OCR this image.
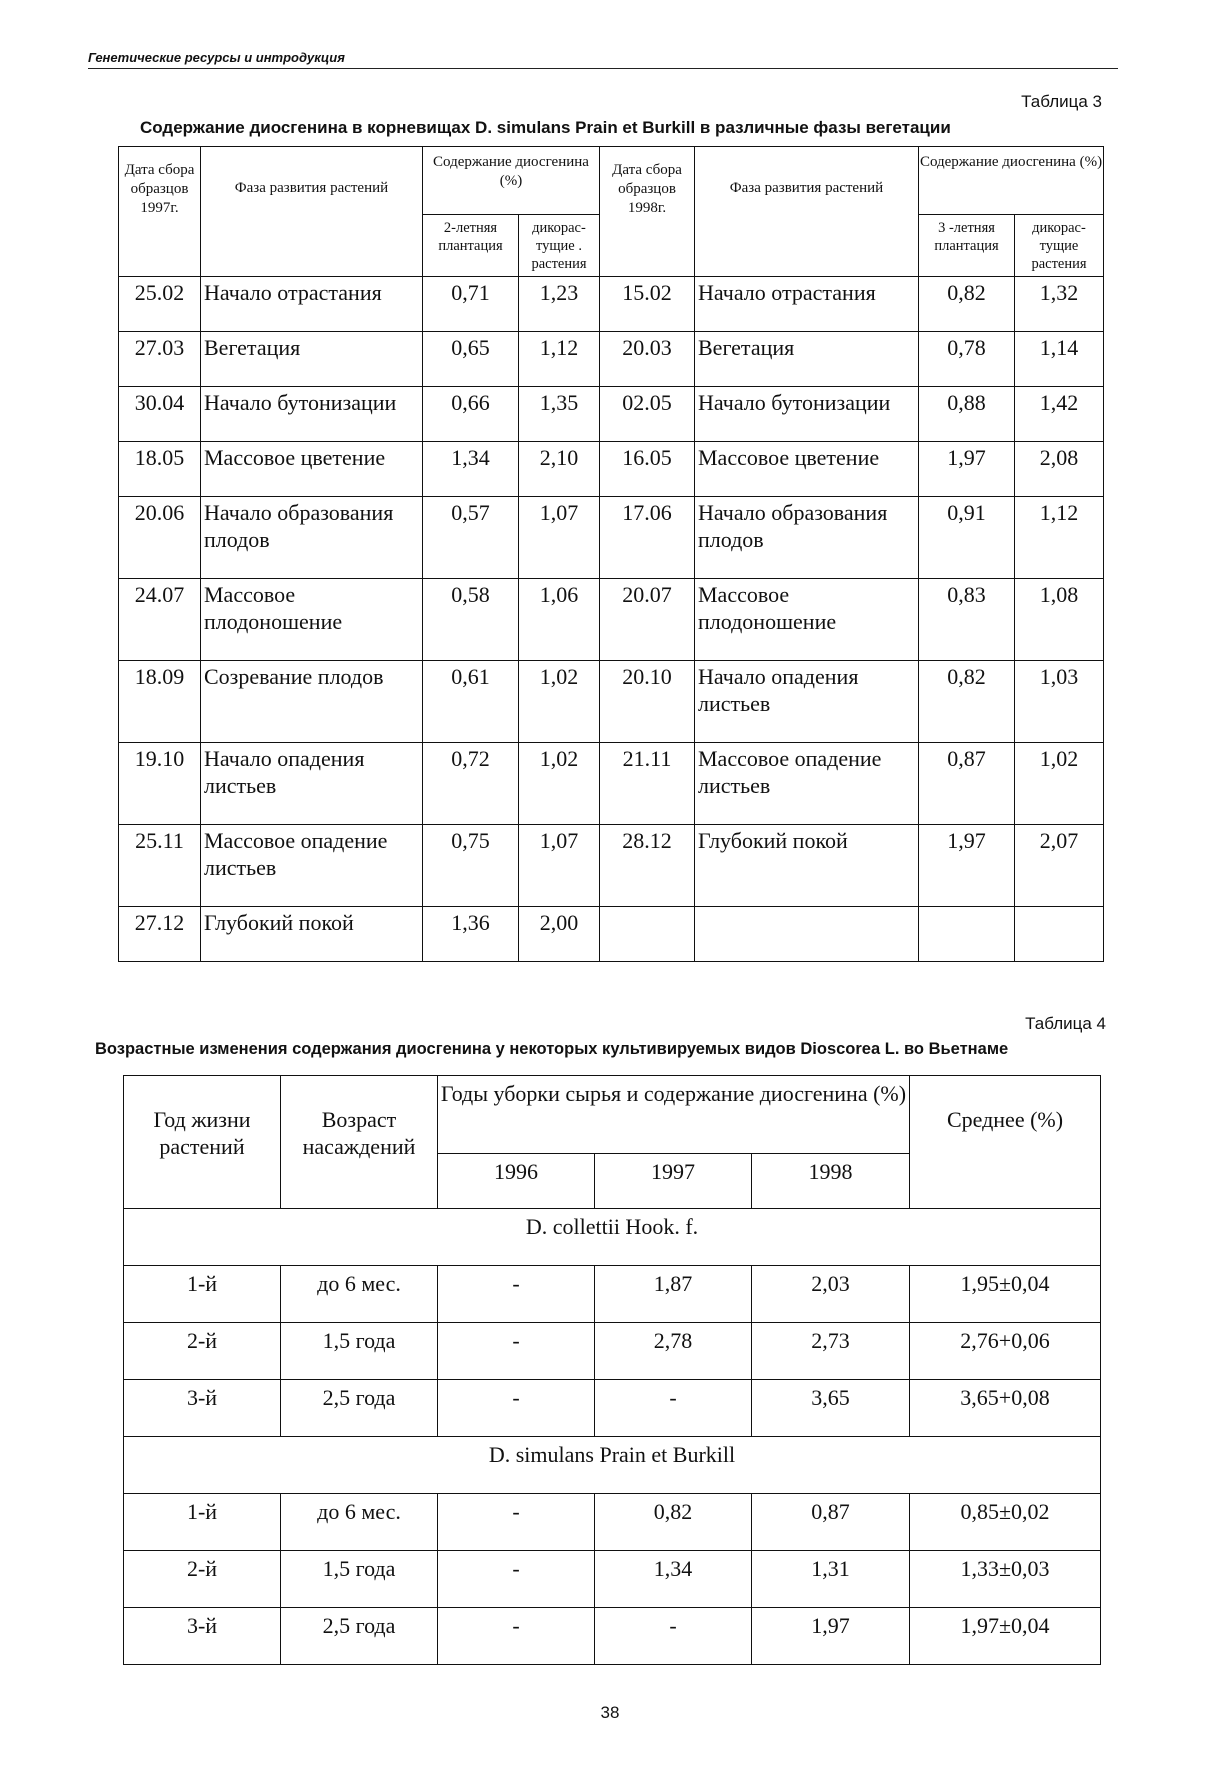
Генетические ресурсы и интродукция
Таблица 3
Содержание диосгенина в корневищах D. simulans Prain et Burkill в различные фазы вегетации
Дата сбора образцов 1997г.	Фаза развития растений	Содержание диосгенина (%)		Дата сбора образцов 1998г.	Фаза развития растений	Содержание диосгенина (%)	
		2-летняя плантация	дикорас-тущие . растения			3 -летняя плантация	дикорас-тущие растения
25.02	Начало отрастания	0,71	1,23	15.02	Начало отрастания	0,82	1,32
27.03	Вегетация	0,65	1,12	20.03	Вегетация	0,78	1,14
30.04	Начало бутонизации	0,66	1,35	02.05	Начало бутонизации	0,88	1,42
18.05	Массовое цветение	1,34	2,10	16.05	Массовое цветение	1,97	2,08
20.06	Начало образования плодов	0,57	1,07	17.06	Начало образования плодов	0,91	1,12
24.07	Массовое плодоношение	0,58	1,06	20.07	Массовое плодоношение	0,83	1,08
18.09	Созревание плодов	0,61	1,02	20.10	Начало опадения листьев	0,82	1,03
19.10	Начало опадения листьев	0,72	1,02	21.11	Массовое опадение листьев	0,87	1,02
25.11	Массовое опадение листьев	0,75	1,07	28.12	Глубокий покой	1,97	2,07
27.12	Глубокий покой	1,36	2,00				
Таблица 4
Возрастные изменения содержания диосгенина у некоторых культивируемых видов Dioscorea L. во Вьетнаме
Год жизни растений	Возраст насаждений	Годы уборки сырья и содержание диосгенина (%)			Среднее (%)
		1996	1997	1998	
D. collettii Hook. f.					
1-й	до 6 мес.	-	1,87	2,03	1,95±0,04
2-й	1,5 года	-	2,78	2,73	2,76+0,06
3-й	2,5 года	-	-	3,65	3,65+0,08
D. simulans Prain et Burkill					
1-й	до 6 мес.	-	0,82	0,87	0,85±0,02
2-й	1,5 года	-	1,34	1,31	1,33±0,03
3-й	2,5 года	-	-	1,97	1,97±0,04
38
